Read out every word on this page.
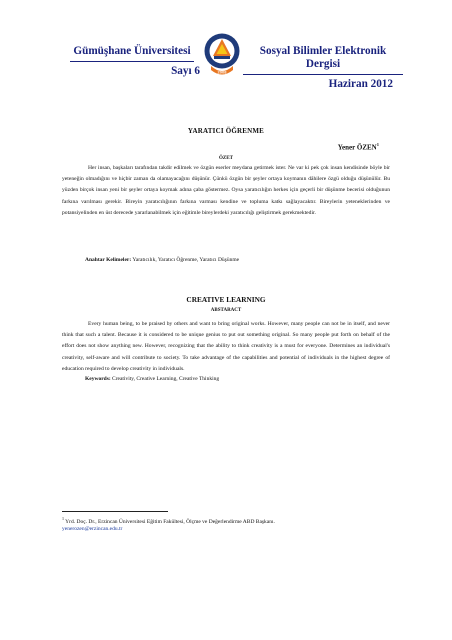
Gümüşhane Üniversitesi
Sayı 6	2008
Sosyal Bilimler Elektronik Dergisi
Haziran 2012
YARATICI ÖĞRENME
Yener ÖZEN$^1$
ÖZET
Her insan, başkaları tarafından takdir edilmek ve özgün eserler meydana getirmek ister. Ne var ki pek çok insan kendisinde böyle bir yeteneğin olmadığını ve hiçbir zaman da olamayacağını düşünür. Çünkü özgün bir şeyler ortaya koymanın dâhilere özgü olduğu düşünülür. Bu yüzden birçok insan yeni bir şeyler ortaya koymak adına çaba göstermez. Oysa yaratıcılığın herkes için geçerli bir düşünme becerisi olduğunun farkına varılması gerekir. Bireyin yaratıcılığının farkına varması kendine ve topluma katkı sağlayacaktır. Bireylerin yeteneklerinden ve potansiyelinden en üst derecede yararlanabilmek için eğitimle bireylerdeki yaratıcılığı geliştirmek gerekmektedir.
Anahtar Kelimeler: Yaratıcılık, Yaratıcı Öğrenme, Yaratıcı Düşünme
CREATIVE LEARNING
ABSTARACT
Every human being, to be praised by others and want to bring original works. However, many people can not be in itself, and never think that such a talent. Because it is considered to be unique genius to put out something original. So many people put forth on behalf of the effort does not show anything new. However, recognizing that the ability to think creativity is a must for everyone. Determines an individual's creativity, self-aware and will contribute to society. To take advantage of the capabilities and potential of individuals in the highest degree of education required to develop creativity in individuals.
Keywords: Creativity, Creative Learning, Creative Thinking
$^1$ Yrd. Doç. Dr., Erzincan Üniversitesi Eğitim Fakültesi, Ölçme ve Değerlendirme ABD Başkanı.
yenerozen@erzincan.edu.tr
